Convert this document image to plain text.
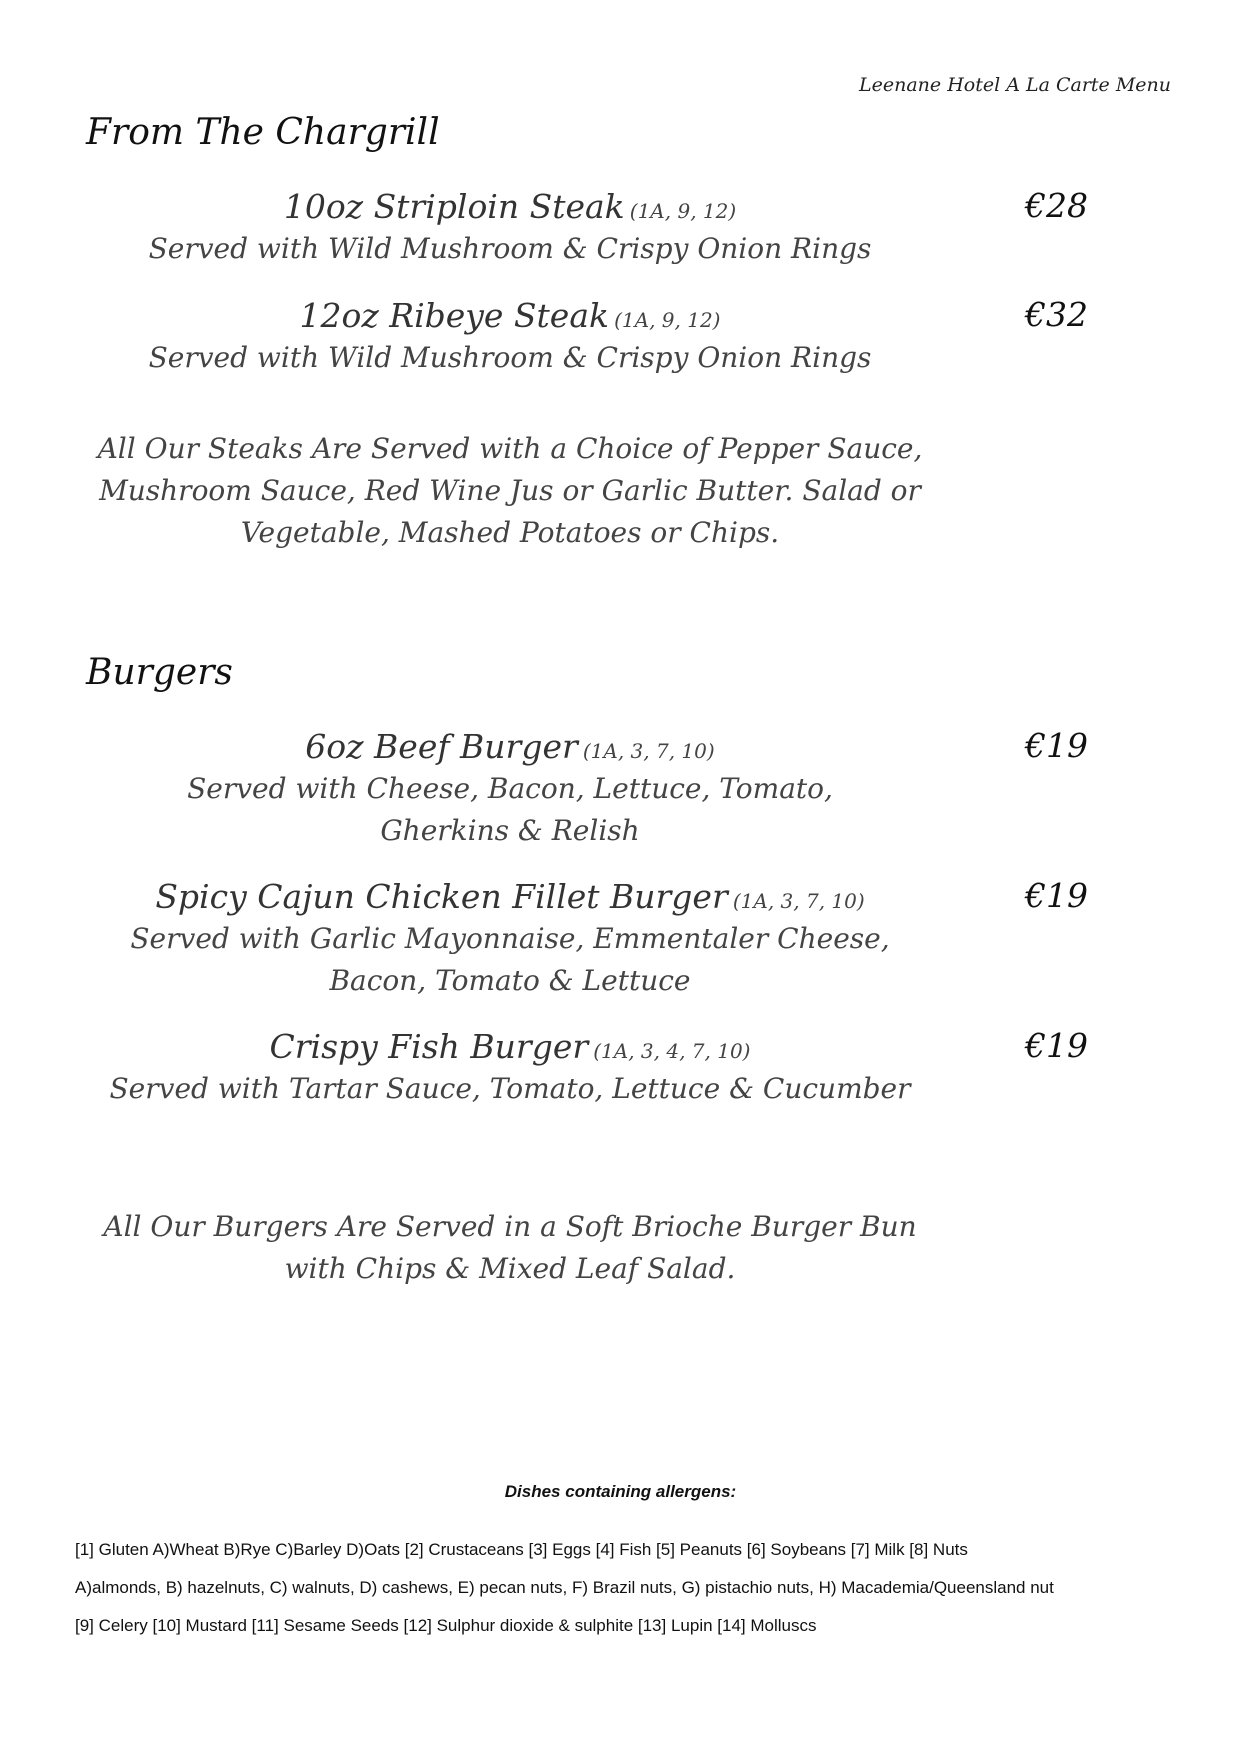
Leenane Hotel A La Carte Menu
From The Chargrill
10oz Striploin Steak (1A, 9, 12)
Served with Wild Mushroom & Crispy Onion Rings
€28
12oz Ribeye Steak (1A, 9, 12)
Served with Wild Mushroom & Crispy Onion Rings
€32
All Our Steaks Are Served with a Choice of Pepper Sauce, Mushroom Sauce, Red Wine Jus or Garlic Butter. Salad or Vegetable, Mashed Potatoes or Chips.
Burgers
6oz Beef Burger (1A, 3, 7, 10)
Served with Cheese, Bacon, Lettuce, Tomato, Gherkins & Relish
€19
Spicy Cajun Chicken Fillet Burger (1A, 3, 7, 10)
Served with Garlic Mayonnaise, Emmentaler Cheese, Bacon, Tomato & Lettuce
€19
Crispy Fish Burger (1A, 3, 4, 7, 10)
Served with Tartar Sauce, Tomato, Lettuce & Cucumber
€19
All Our Burgers Are Served in a Soft Brioche Burger Bun with Chips & Mixed Leaf Salad.
Dishes containing allergens:
[1] Gluten A)Wheat B)Rye C)Barley D)Oats [2] Crustaceans [3] Eggs [4] Fish [5] Peanuts [6] Soybeans [7] Milk [8] Nuts
A)almonds, B) hazelnuts, C) walnuts, D) cashews, E) pecan nuts, F) Brazil nuts, G) pistachio nuts, H) Macademia/Queensland nut
[9] Celery [10] Mustard [11] Sesame Seeds [12] Sulphur dioxide & sulphite [13] Lupin [14] Molluscs
